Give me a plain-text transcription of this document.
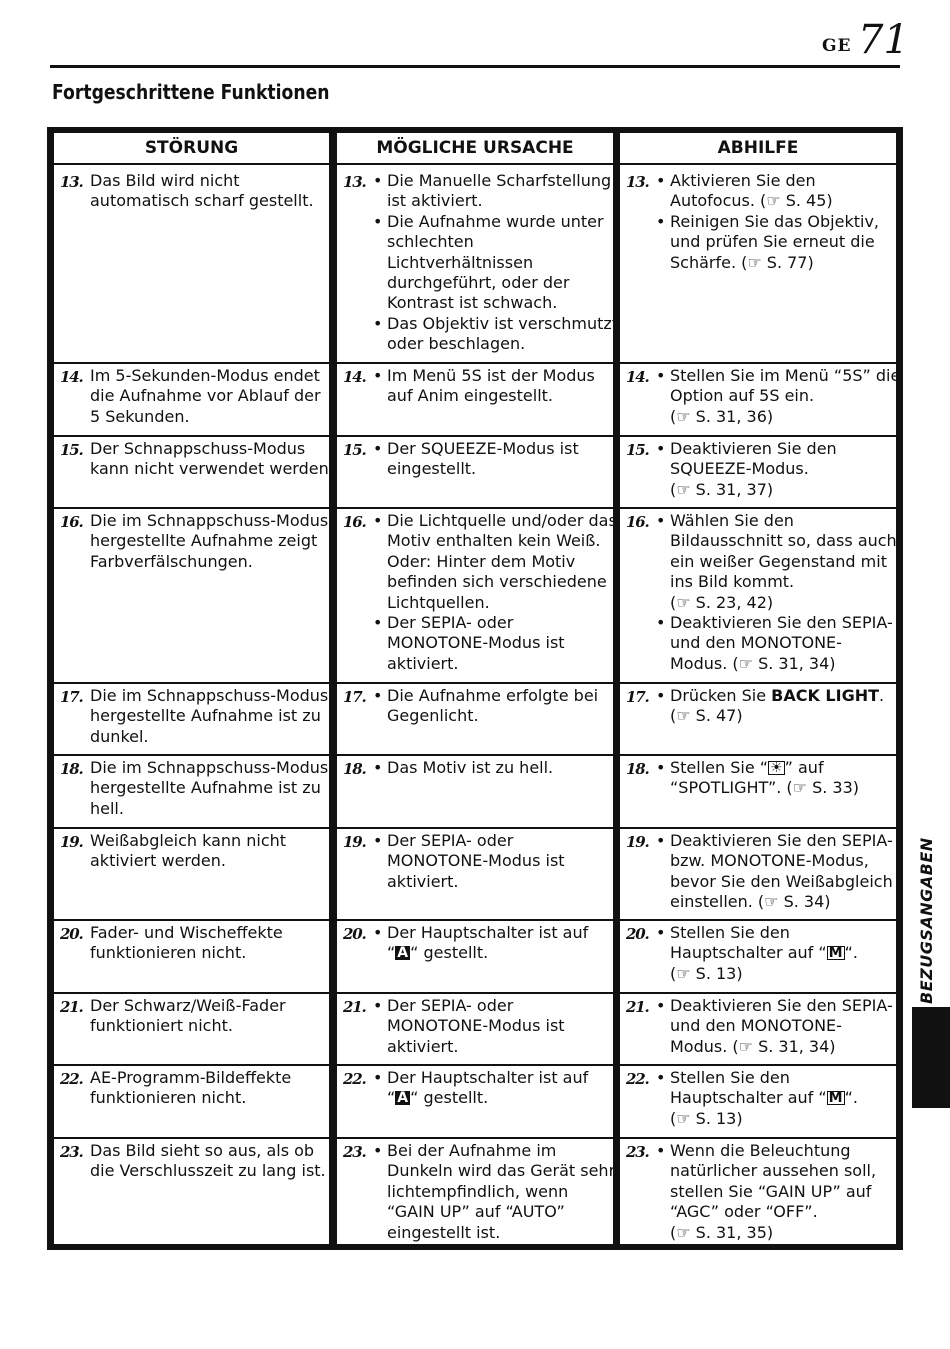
GE 71
Fortgeschrittene Funktionen
STÖRUNG
13. Das Bild wird nicht
automatisch scharf gestellt.
14. Im 5-Sekunden-Modus endet
die Aufnahme vor Ablauf der
5 Sekunden.
15. Der Schnappschuss-Modus
kann nicht verwendet werden.
16. Die im Schnappschuss-Modus
hergestellte Aufnahme zeigt
Farbverfälschungen.
17. Die im Schnappschuss-Modus
hergestellte Aufnahme ist zu
dunkel.
18. Die im Schnappschuss-Modus
hergestellte Aufnahme ist zu
hell.
19. Weißabgleich kann nicht
aktiviert werden.
20. Fader- und Wischeffekte
funktionieren nicht.
21. Der Schwarz/Weiß-Fader
funktioniert nicht.
22. AE-Programm-Bildeffekte
funktionieren nicht.
23. Das Bild sieht so aus, als ob
die Verschlusszeit zu lang ist.
MÖGLICHE URSACHE
13. • Die Manuelle Scharfstellung
ist aktiviert.
• Die Aufnahme wurde unter
schlechten
Lichtverhältnissen
durchgeführt, oder der
Kontrast ist schwach.
• Das Objektiv ist verschmutzt
oder beschlagen.
14. • Im Menü 5S ist der Modus
auf Anim eingestellt.
15. • Der SQUEEZE-Modus ist
eingestellt.
16. • Die Lichtquelle und/oder das
Motiv enthalten kein Weiß.
Oder: Hinter dem Motiv
befinden sich verschiedene
Lichtquellen.
• Der SEPIA- oder
MONOTONE-Modus ist
aktiviert.
17. • Die Aufnahme erfolgte bei
Gegenlicht.
18. • Das Motiv ist zu hell.
19. • Der SEPIA- oder
MONOTONE-Modus ist
aktiviert.
20. • Der Hauptschalter ist auf
“ A “ gestellt.
21. • Der SEPIA- oder
MONOTONE-Modus ist
aktiviert.
22. • Der Hauptschalter ist auf
“ A “ gestellt.
23. • Bei der Aufnahme im
Dunkeln wird das Gerät sehr
lichtempfindlich, wenn
“GAIN UP” auf “AUTO”
eingestellt ist.
ABHILFE
13. • Aktivieren Sie den
Autofocus. (☞ S. 45)
• Reinigen Sie das Objektiv,
und prüfen Sie erneut die
Schärfe. (☞ S. 77)
14. • Stellen Sie im Menü “5S” die
Option auf 5S ein.
(☞ S. 31, 36)
15. • Deaktivieren Sie den
SQUEEZE-Modus.
(☞ S. 31, 37)
16. • Wählen Sie den
Bildausschnitt so, dass auch
ein weißer Gegenstand mit
ins Bild kommt.
(☞ S. 23, 42)
• Deaktivieren Sie den SEPIA-
und den MONOTONE-
Modus. (☞ S. 31, 34)
17. • Drücken Sie BACK LIGHT.
(☞ S. 47)
18. • Stellen Sie “ ☀ ” auf
“SPOTLIGHT”. (☞ S. 33)
19. • Deaktivieren Sie den SEPIA-
bzw. MONOTONE-Modus,
bevor Sie den Weißabgleich
einstellen. (☞ S. 34)
20. • Stellen Sie den
Hauptschalter auf “ M “.
(☞ S. 13)
21. • Deaktivieren Sie den SEPIA-
und den MONOTONE-
Modus. (☞ S. 31, 34)
22. • Stellen Sie den
Hauptschalter auf “ M “.
(☞ S. 13)
23. • Wenn die Beleuchtung
natürlicher aussehen soll,
stellen Sie “GAIN UP” auf
“AGC” oder “OFF”.
(☞ S. 31, 35)
BEZUGSANGABEN
